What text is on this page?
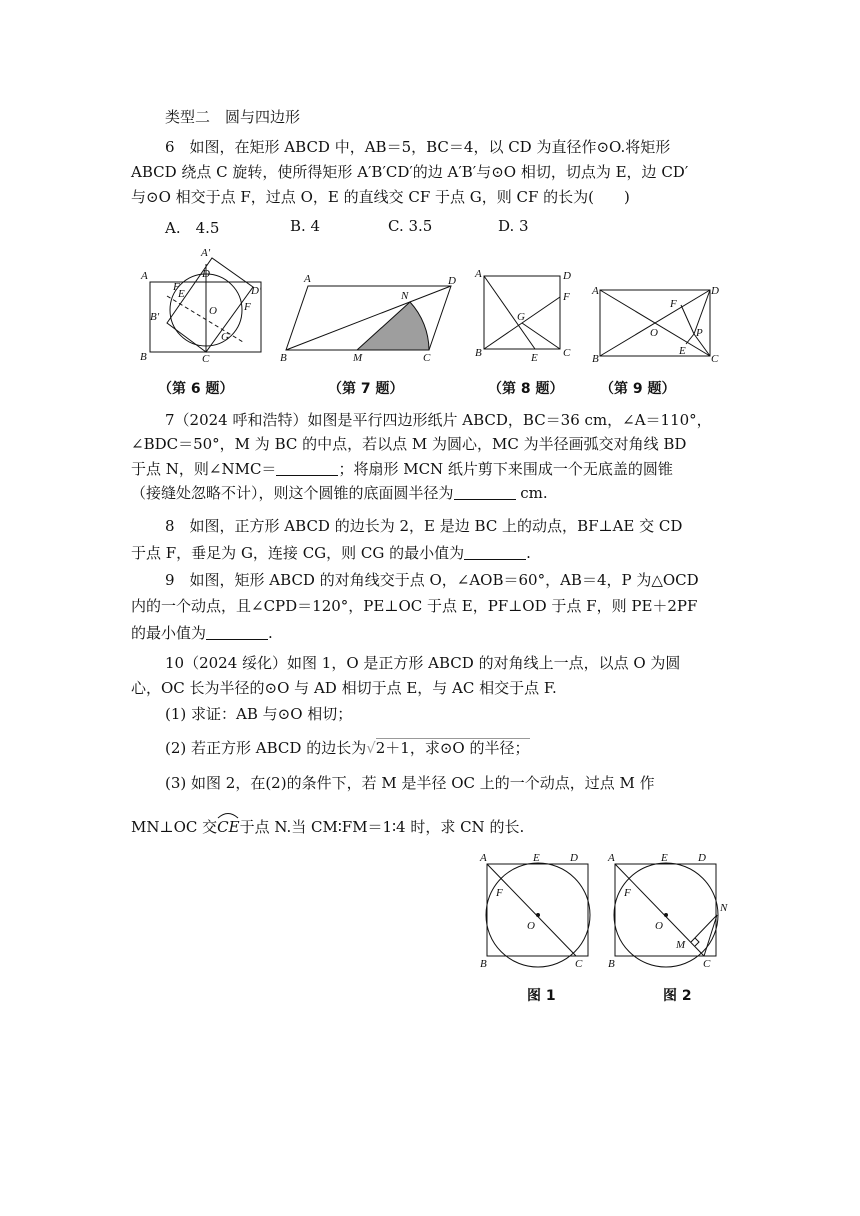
类型二　圆与四边形
6　如图，在矩形 ABCD 中，AB＝5，BC＝4，以 CD 为直径作⊙O.将矩形
ABCD 绕点 C 旋转，使所得矩形 A′B′CD′的边 A′B′与⊙O 相切，切点为 E，边 CD′
与⊙O 相交于点 F，过点 O，E 的直线交 CF 于点 G，则 CF 的长为(　　)
A.　4.5	B. 4	C. 3.5	D. 3
A′
A	D
D′
F
E
B′	O F
G
B	C
A	D
N
B	M	C
A	D
F
G
B	E C
A	D
F
O	P
E
B	C
（第 6 题）	（第 7 题）	（第 8 题）	（第 9 题）
7（2024 呼和浩特）如图是平行四边形纸片 ABCD，BC＝36 cm，∠A＝110°，
∠BDC＝50°，M 为 BC 的中点，若以点 M 为圆心，MC 为半径画弧交对角线 BD
于点 N，则∠NMC＝	；将扇形 MCN 纸片剪下来围成一个无底盖的圆锥
（接缝处忽略不计），则这个圆锥的底面圆半径为	cm.
8　如图，正方形 ABCD 的边长为 2，E 是边 BC 上的动点，BF⊥AE 交 CD
于点 F，垂足为 G，连接 CG，则 CG 的最小值为	.
9　如图，矩形 ABCD 的对角线交于点 O，∠AOB＝60°，AB＝4，P 为△OCD
内的一个动点，且∠CPD＝120°，PE⊥OC 于点 E，PF⊥OD 于点 F，则 PE＋2PF
的最小值为	.
10（2024 绥化）如图 1，O 是正方形 ABCD 的对角线上一点，以点 O 为圆
心，OC 长为半径的⊙O 与 AD 相切于点 E，与 AC 相交于点 F.
(1) 求证：AB 与⊙O 相切；
(2) 若正方形 ABCD 的边长为√2＋1，求⊙O 的半径；
(3) 如图 2，在(2)的条件下，若 M 是半径 OC 上的一个动点，过点 M 作
MN⊥OC 交
CE于点 N.当 CM∶FM＝1∶4 时，求 CN 的长.
A	E	D
F
O
B	C
A	E	D
N
F
O
M
B	C
图 1	图 2
